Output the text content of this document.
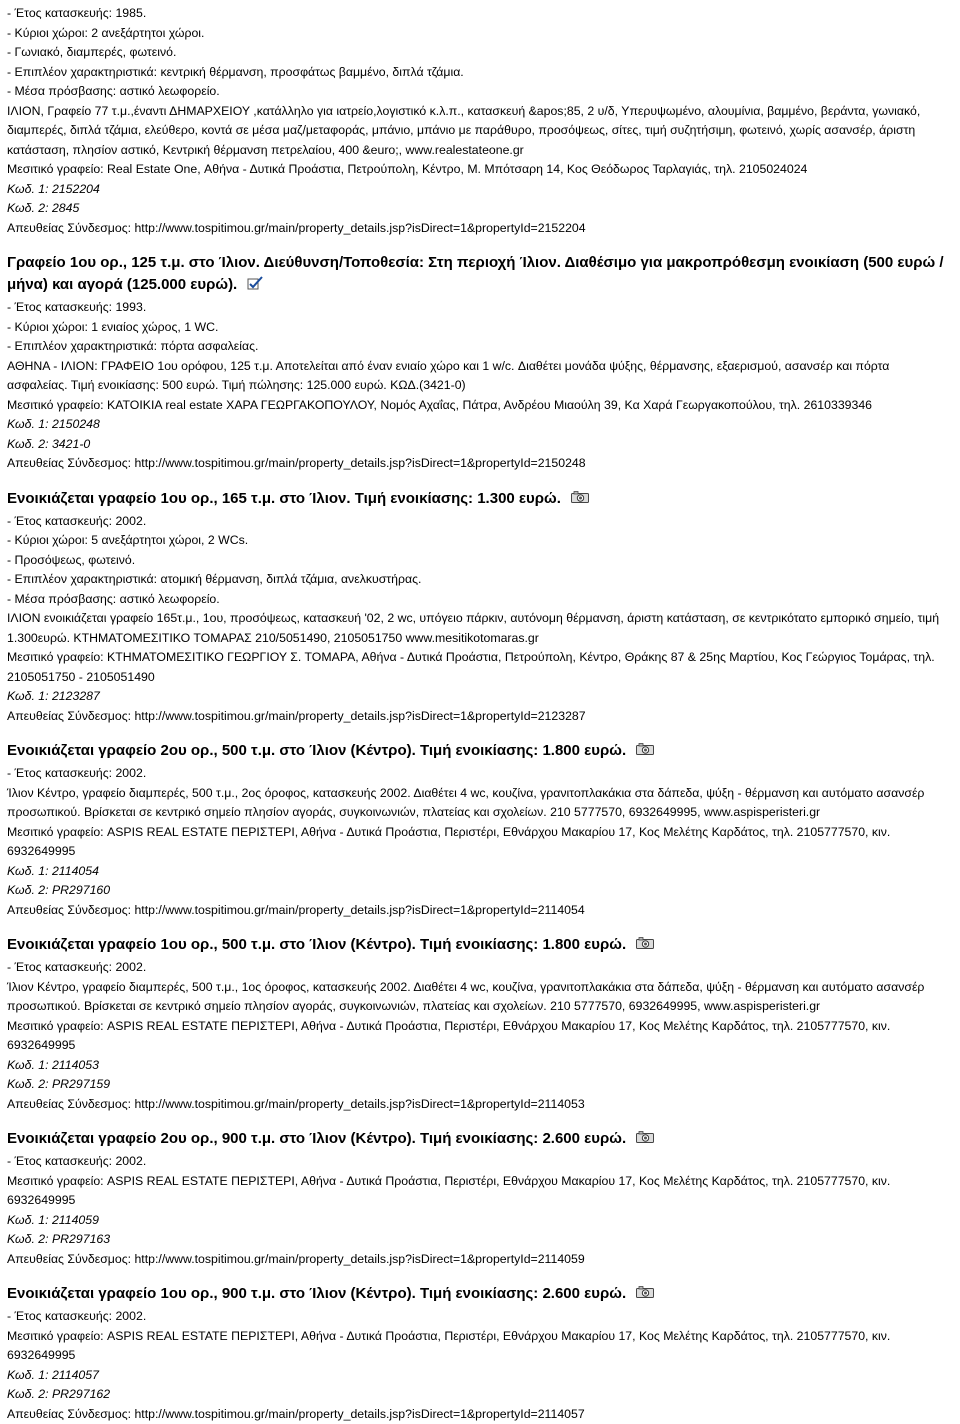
- Έτος κατασκευής: 1985.
- Κύριοι χώροι: 2 ανεξάρτητοι χώροι.
- Γωνιακό, διαμπερές, φωτεινό.
- Επιπλέον χαρακτηριστικά: κεντρική θέρμανση, προσφάτως βαμμένο, διπλά τζάμια.
- Μέσα πρόσβασης: αστικό λεωφορείο.
ΙΛΙΟΝ, Γραφείο 77 τ.μ.,έναντι ΔΗΜΑΡΧΕΙΟΥ ,κατάλληλο για ιατρείο,λογιστικό κ.λ.π., κατασκευή &apos;85, 2 υ/δ, Υπερυψωμένο, αλουμίνια, βαμμένο, βεράντα, γωνιακό, διαμπερές, διπλά τζάμια, ελεύθερο, κοντά σε μέσα μαζ/μεταφοράς, μπάνιο, μπάνιο με παράθυρο, προσόψεως, σίτες, τιμή συζητήσιμη, φωτεινό, χωρίς ασανσέρ, άριστη κατάσταση, πλησίον αστικό, Κεντρική θέρμανση πετρελαίου, 400 &euro;, www.realestateone.gr
Μεσιτικό γραφείο: Real Estate One, Αθήνα - Δυτικά Προάστια, Πετρούπολη, Κέντρο, Μ. Μπότσαρη 14, Κος Θεόδωρος Ταρλαγιάς, τηλ. 2105024024
Κωδ. 1: 2152204
Κωδ. 2: 2845
Απευθείας Σύνδεσμος: http://www.tospitimou.gr/main/property_details.jsp?isDirect=1&propertyId=2152204
Γραφείο 1ου ορ., 125 τ.μ. στο Ίλιον. Διεύθυνση/Τοποθεσία: Στη περιοχή Ίλιον. Διαθέσιμο για μακροπρόθεσμη ενοικίαση (500 ευρώ / μήνα) και αγορά (125.000 ευρώ).
- Έτος κατασκευής: 1993.
- Κύριοι χώροι: 1 ενιαίος χώρος, 1 WC.
- Επιπλέον χαρακτηριστικά: πόρτα ασφαλείας.
ΑΘΗΝΑ - ΙΛΙΟΝ: ΓΡΑΦΕΙΟ 1ου ορόφου, 125 τ.μ. Αποτελείται από έναν ενιαίο χώρο και 1 w/c. Διαθέτει μονάδα ψύξης, θέρμανσης, εξαερισμού, ασανσέρ και πόρτα ασφαλείας. Τιμή ενοικίασης: 500 ευρώ. Τιμή πώλησης: 125.000 ευρώ. ΚΩΔ.(3421-0)
Μεσιτικό γραφείο: ΚΑΤΟΙΚΙΑ real estate ΧΑΡΑ ΓΕΩΡΓΑΚΟΠΟΥΛΟΥ, Νομός Αχαΐας, Πάτρα, Ανδρέου Μιαούλη 39, Κα Χαρά Γεωργακοπούλου, τηλ. 2610339346
Κωδ. 1: 2150248
Κωδ. 2: 3421-0
Απευθείας Σύνδεσμος: http://www.tospitimou.gr/main/property_details.jsp?isDirect=1&propertyId=2150248
Ενοικιάζεται γραφείο 1ου ορ., 165 τ.μ. στο Ίλιον. Τιμή ενοικίασης: 1.300 ευρώ.
- Έτος κατασκευής: 2002.
- Κύριοι χώροι: 5 ανεξάρτητοι χώροι, 2 WCs.
- Προσόψεως, φωτεινό.
- Επιπλέον χαρακτηριστικά: ατομική θέρμανση, διπλά τζάμια, ανελκυστήρας.
- Μέσα πρόσβασης: αστικό λεωφορείο.
ΙΛΙΟΝ ενοικιάζεται γραφείο 165τ.μ., 1ου, προσόψεως, κατασκευή '02, 2 wc, υπόγειο πάρκιν, αυτόνομη θέρμανση, άριστη κατάσταση, σε κεντρικότατο εμπορικό σημείο, τιμή 1.300ευρώ. ΚΤΗΜΑΤΟΜΕΣΙΤΙΚΟ ΤΟΜΑΡΑΣ 210/5051490, 2105051750 www.mesitikotomaras.gr
Μεσιτικό γραφείο: ΚΤΗΜΑΤΟΜΕΣΙΤΙΚΟ ΓΕΩΡΓΙΟΥ Σ. ΤΟΜΑΡΑ, Αθήνα - Δυτικά Προάστια, Πετρούπολη, Κέντρο, Θράκης 87 & 25ης Μαρτίου, Κος Γεώργιος Τομάρας, τηλ. 2105051750 - 2105051490
Κωδ. 1: 2123287
Απευθείας Σύνδεσμος: http://www.tospitimou.gr/main/property_details.jsp?isDirect=1&propertyId=2123287
Ενοικιάζεται γραφείο 2ου ορ., 500 τ.μ. στο Ίλιον (Κέντρο). Τιμή ενοικίασης: 1.800 ευρώ.
- Έτος κατασκευής: 2002.
Ίλιον Κέντρο, γραφείο διαμπερές, 500 τ.μ., 2ος όροφος, κατασκευής 2002. Διαθέτει 4 wc, κουζίνα, γρανιτοπλακάκια στα δάπεδα, ψύξη - θέρμανση και αυτόματο ασανσέρ προσωπικού. Βρίσκεται σε κεντρικό σημείο πλησίον αγοράς, συγκοινωνιών, πλατείας και σχολείων. 210 5777570, 6932649995, www.aspisperisteri.gr
Μεσιτικό γραφείο: ASPIS REAL ESTATE ΠΕΡΙΣΤΕΡΙ, Αθήνα - Δυτικά Προάστια, Περιστέρι, Εθνάρχου Μακαρίου 17, Κος Μελέτης Καρδάτος, τηλ. 2105777570, κιν. 6932649995
Κωδ. 1: 2114054
Κωδ. 2: PR297160
Απευθείας Σύνδεσμος: http://www.tospitimou.gr/main/property_details.jsp?isDirect=1&propertyId=2114054
Ενοικιάζεται γραφείο 1ου ορ., 500 τ.μ. στο Ίλιον (Κέντρο). Τιμή ενοικίασης: 1.800 ευρώ.
- Έτος κατασκευής: 2002.
Ίλιον Κέντρο, γραφείο διαμπερές, 500 τ.μ., 1ος όροφος, κατασκευής 2002. Διαθέτει 4 wc, κουζίνα, γρανιτοπλακάκια στα δάπεδα, ψύξη - θέρμανση και αυτόματο ασανσέρ προσωπικού. Βρίσκεται σε κεντρικό σημείο πλησίον αγοράς, συγκοινωνιών, πλατείας και σχολείων. 210 5777570, 6932649995, www.aspisperisteri.gr
Μεσιτικό γραφείο: ASPIS REAL ESTATE ΠΕΡΙΣΤΕΡΙ, Αθήνα - Δυτικά Προάστια, Περιστέρι, Εθνάρχου Μακαρίου 17, Κος Μελέτης Καρδάτος, τηλ. 2105777570, κιν. 6932649995
Κωδ. 1: 2114053
Κωδ. 2: PR297159
Απευθείας Σύνδεσμος: http://www.tospitimou.gr/main/property_details.jsp?isDirect=1&propertyId=2114053
Ενοικιάζεται γραφείο 2ου ορ., 900 τ.μ. στο Ίλιον (Κέντρο). Τιμή ενοικίασης: 2.600 ευρώ.
- Έτος κατασκευής: 2002.
Μεσιτικό γραφείο: ASPIS REAL ESTATE ΠΕΡΙΣΤΕΡΙ, Αθήνα - Δυτικά Προάστια, Περιστέρι, Εθνάρχου Μακαρίου 17, Κος Μελέτης Καρδάτος, τηλ. 2105777570, κιν. 6932649995
Κωδ. 1: 2114059
Κωδ. 2: PR297163
Απευθείας Σύνδεσμος: http://www.tospitimou.gr/main/property_details.jsp?isDirect=1&propertyId=2114059
Ενοικιάζεται γραφείο 1ου ορ., 900 τ.μ. στο Ίλιον (Κέντρο). Τιμή ενοικίασης: 2.600 ευρώ.
- Έτος κατασκευής: 2002.
Μεσιτικό γραφείο: ASPIS REAL ESTATE ΠΕΡΙΣΤΕΡΙ, Αθήνα - Δυτικά Προάστια, Περιστέρι, Εθνάρχου Μακαρίου 17, Κος Μελέτης Καρδάτος, τηλ. 2105777570, κιν. 6932649995
Κωδ. 1: 2114057
Κωδ. 2: PR297162
Απευθείας Σύνδεσμος: http://www.tospitimou.gr/main/property_details.jsp?isDirect=1&propertyId=2114057
